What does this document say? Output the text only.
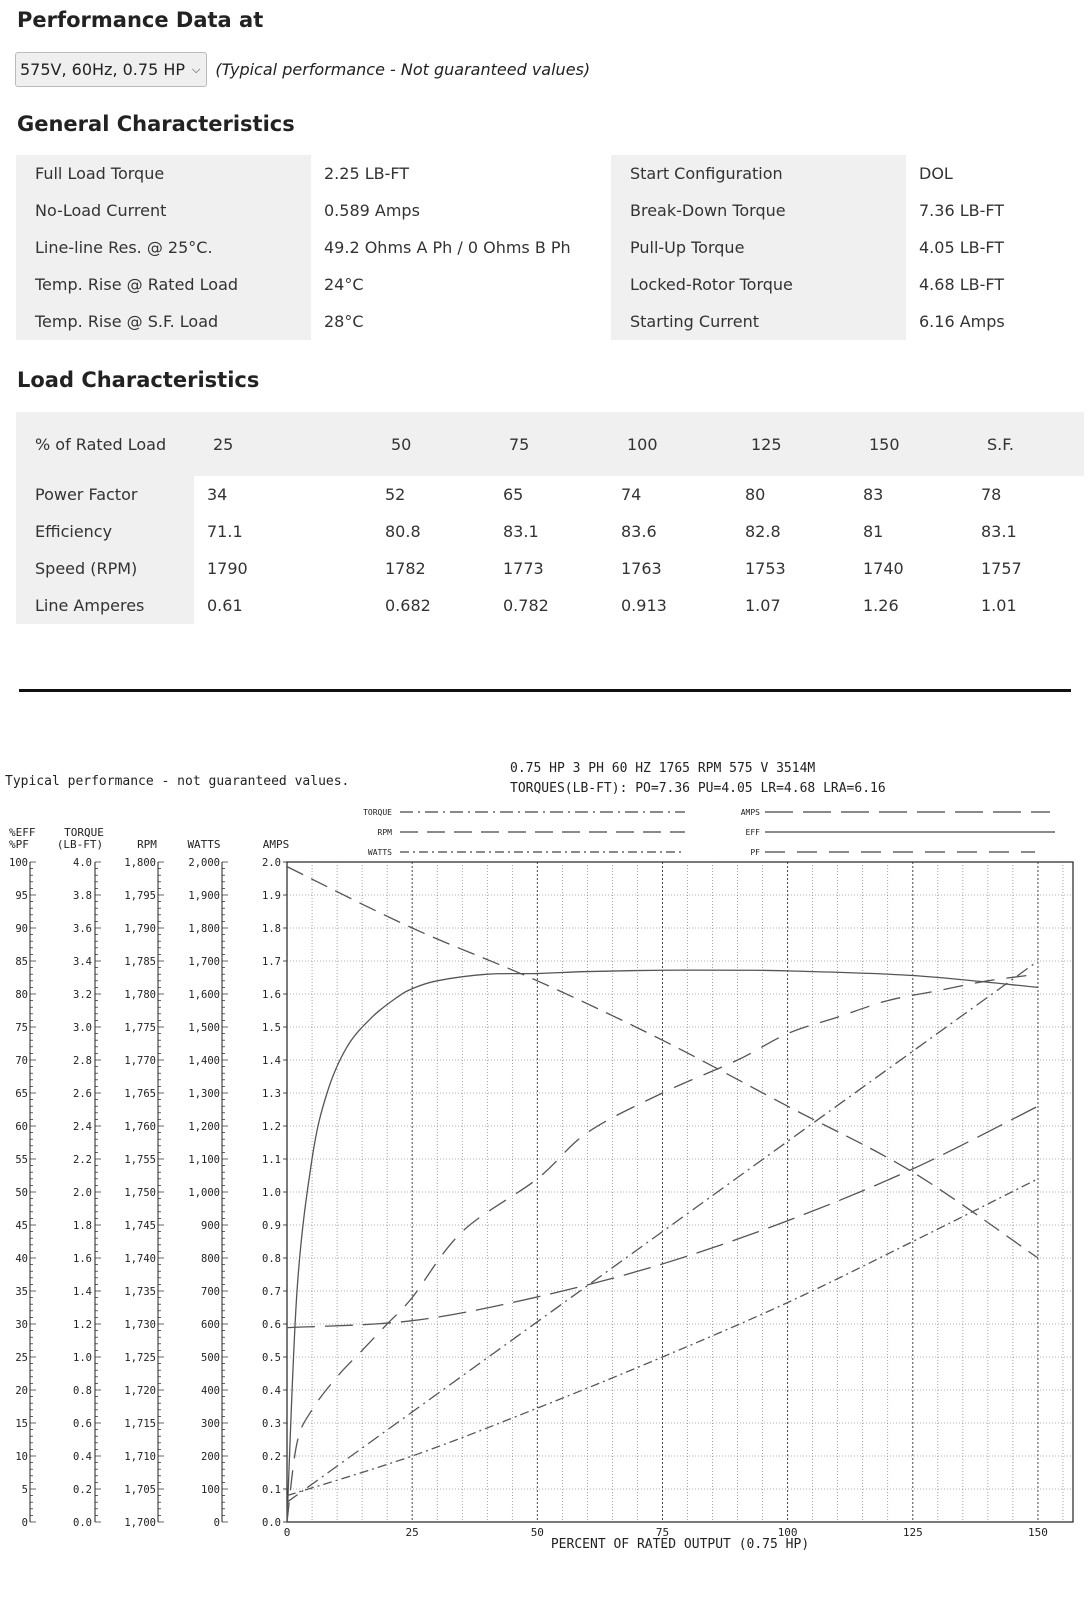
Performance Data at
575V, 60Hz, 0.75 HP ⌵ (Typical performance - Not guaranteed values)
General Characteristics
Full Load Torque	2.25 LB-FT	Start Configuration	DOL
No-Load Current	0.589 Amps	Break-Down Torque	7.36 LB-FT
Line-line Res. @ 25°C.	49.2 Ohms A Ph / 0 Ohms B Ph	Pull-Up Torque	4.05 LB-FT
Temp. Rise @ Rated Load	24°C	Locked-Rotor Torque	4.68 LB-FT
Temp. Rise @ S.F. Load	28°C	Starting Current	6.16 Amps
Load Characteristics
% of Rated Load	25	50	75	100	125	150	S.F.
Power Factor	34	52	65	74	80	83	78
Efficiency	71.1	80.8	83.1	83.6	82.8	81	83.1
Speed (RPM)	1790	1782	1773	1763	1753	1740	1757
Line Amperes	0.61	0.682	0.782	0.913	1.07	1.26	1.01
Typical performance - not guaranteed values.
0.75 HP 3 PH 60 HZ 1765 RPM 575 V 3514M
TORQUES(LB-FT): PO=7.36 PU=4.05 LR=4.68 LRA=6.16
TORQUE
RPM
WATTS
AMPS
EFF
PF
0	25	50	75	100	125	150
PERCENT OF RATED OUTPUT (0.75 HP)
0
5
10
15
20
25
30
35
40
45
50
55
60
65
70
75
80
85
90
95
100
0.0
0.2
0.4
0.6
0.8
1.0
1.2
1.4
1.6
1.8
2.0
2.2
2.4
2.6
2.8
3.0
3.2
3.4
3.6
3.8
4.0
1,700
1,705
1,710
1,715
1,720
1,725
1,730
1,735
1,740
1,745
1,750
1,755
1,760
1,765
1,770
1,775
1,780
1,785
1,790
1,795
1,800
0
100
200
300
400
500
600
700
800
900
1,000
1,100
1,200
1,300
1,400
1,500
1,600
1,700
1,800
1,900
2,000
0.0
0.1
0.2
0.3
0.4
0.5
0.6
0.7
0.8
0.9
1.0
1.1
1.2
1.3
1.4
1.5
1.6
1.7
1.8
1.9
2.0
%EFF
%PF
TORQUE
(LB-FT)	RPM	WATTS	AMPS
